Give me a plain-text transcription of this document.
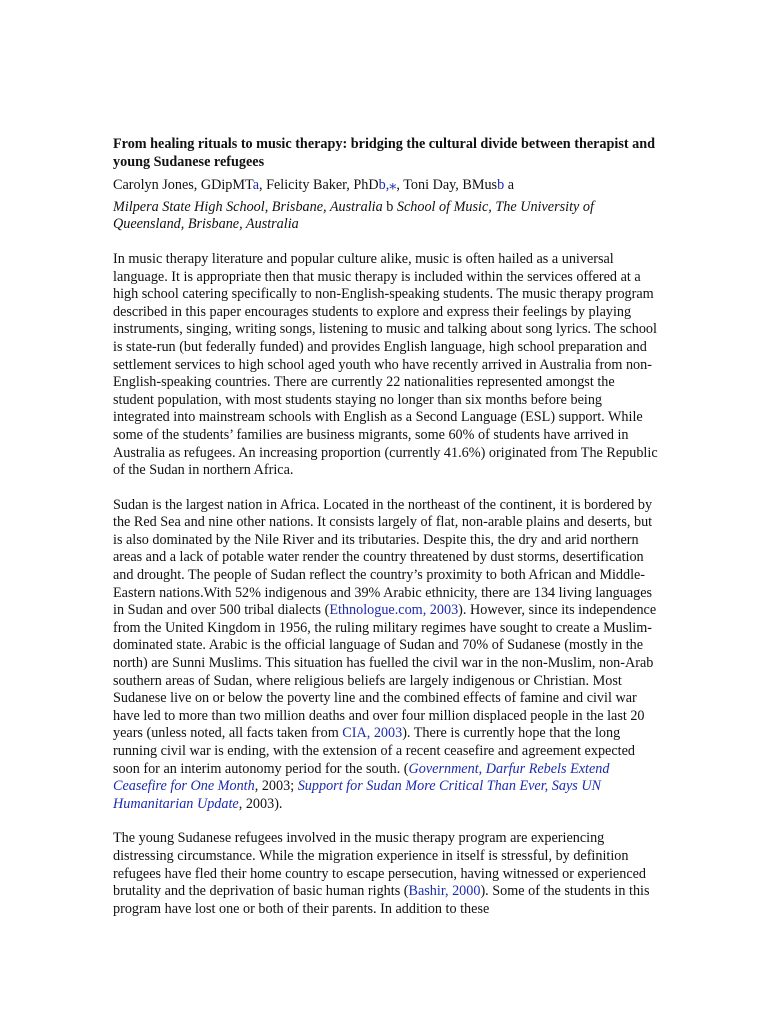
From healing rituals to music therapy: bridging the cultural divide between therapist and young Sudanese refugees
Carolyn Jones, GDipMTa, Felicity Baker, PhDb,⁎, Toni Day, BMusb a
Milpera State High School, Brisbane, Australia b School of Music, The University of Queensland, Brisbane, Australia

In music therapy literature and popular culture alike, music is often hailed as a universal language. It is appropriate then that music therapy is included within the services offered at a high school catering specifically to non-English-speaking students. The music therapy program described in this paper encourages students to explore and express their feelings by playing instruments, singing, writing songs, listening to music and talking about song lyrics. The school is state-run (but federally funded) and provides English language, high school preparation and settlement services to high school aged youth who have recently arrived in Australia from non-English-speaking countries. There are currently 22 nationalities represented amongst the student population, with most students staying no longer than six months before being integrated into mainstream schools with English as a Second Language (ESL) support. While some of the students’ families are business migrants, some 60% of students have arrived in Australia as refugees. An increasing proportion (currently 41.6%) originated from The Republic of the Sudan in northern Africa.

Sudan is the largest nation in Africa. Located in the northeast of the continent, it is bordered by the Red Sea and nine other nations. It consists largely of flat, non-arable plains and deserts, but is also dominated by the Nile River and its tributaries. Despite this, the dry and arid northern areas and a lack of potable water render the country threatened by dust storms, desertification and drought. The people of Sudan reflect the country’s proximity to both African and Middle-Eastern nations.With 52% indigenous and 39% Arabic ethnicity, there are 134 living languages in Sudan and over 500 tribal dialects (Ethnologue.com, 2003). However, since its independence from the United Kingdom in 1956, the ruling military regimes have sought to create a Muslim-dominated state. Arabic is the official language of Sudan and 70% of Sudanese (mostly in the north) are Sunni Muslims. This situation has fuelled the civil war in the non-Muslim, non-Arab southern areas of Sudan, where religious beliefs are largely indigenous or Christian. Most Sudanese live on or below the poverty line and the combined effects of famine and civil war have led to more than two million deaths and over four million displaced people in the last 20 years (unless noted, all facts taken from CIA, 2003). There is currently hope that the long running civil war is ending, with the extension of a recent ceasefire and agreement expected soon for an interim autonomy period for the south. (Government, Darfur Rebels Extend Ceasefire for One Month, 2003; Support for Sudan More Critical Than Ever, Says UN Humanitarian Update, 2003).

The young Sudanese refugees involved in the music therapy program are experiencing distressing circumstance. While the migration experience in itself is stressful, by definition refugees have fled their home country to escape persecution, having witnessed or experienced brutality and the deprivation of basic human rights (Bashir, 2000). Some of the students in this program have lost one or both of their parents. In addition to these
